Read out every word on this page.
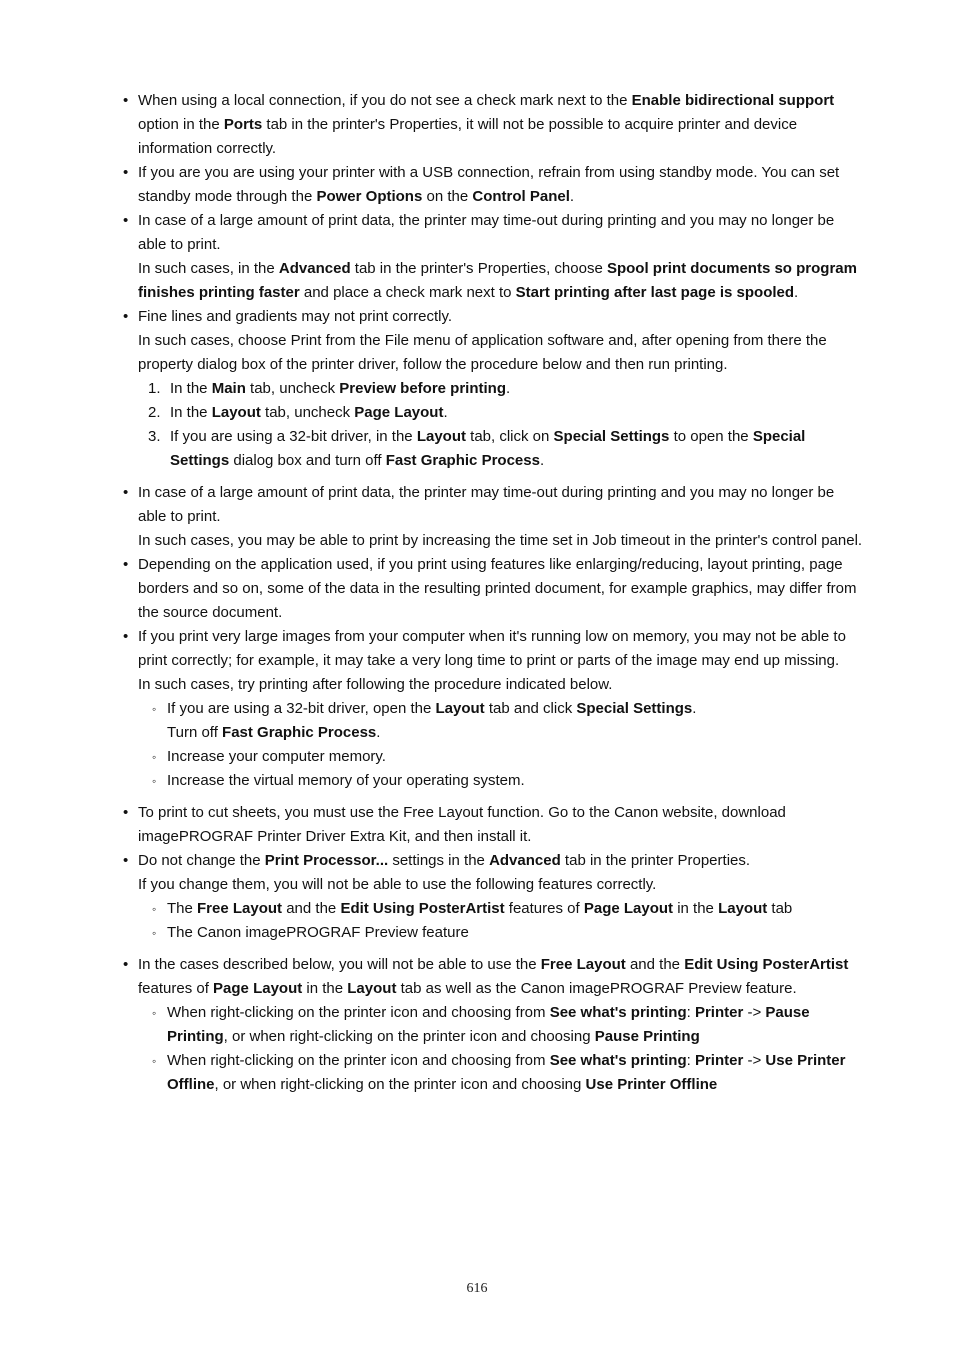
• When using a local connection, if you do not see a check mark next to the Enable bidirectional support option in the Ports tab in the printer's Properties, it will not be possible to acquire printer and device information correctly.
• If you are you are using your printer with a USB connection, refrain from using standby mode. You can set standby mode through the Power Options on the Control Panel.
• In case of a large amount of print data, the printer may time-out during printing and you may no longer be able to print.
In such cases, in the Advanced tab in the printer's Properties, choose Spool print documents so program finishes printing faster and place a check mark next to Start printing after last page is spooled.
• Fine lines and gradients may not print correctly.
In such cases, choose Print from the File menu of application software and, after opening from there the property dialog box of the printer driver, follow the procedure below and then run printing.
1. In the Main tab, uncheck Preview before printing.
2. In the Layout tab, uncheck Page Layout.
3. If you are using a 32-bit driver, in the Layout tab, click on Special Settings to open the Special Settings dialog box and turn off Fast Graphic Process.
• In case of a large amount of print data, the printer may time-out during printing and you may no longer be able to print.
In such cases, you may be able to print by increasing the time set in Job timeout in the printer's control panel.
• Depending on the application used, if you print using features like enlarging/reducing, layout printing, page borders and so on, some of the data in the resulting printed document, for example graphics, may differ from the source document.
• If you print very large images from your computer when it's running low on memory, you may not be able to print correctly; for example, it may take a very long time to print or parts of the image may end up missing.
In such cases, try printing after following the procedure indicated below.
◦ If you are using a 32-bit driver, open the Layout tab and click Special Settings.
Turn off Fast Graphic Process.
◦ Increase your computer memory.
◦ Increase the virtual memory of your operating system.
• To print to cut sheets, you must use the Free Layout function. Go to the Canon website, download imagePROGRAF Printer Driver Extra Kit, and then install it.
• Do not change the Print Processor... settings in the Advanced tab in the printer Properties.
If you change them, you will not be able to use the following features correctly.
◦ The Free Layout and the Edit Using PosterArtist features of Page Layout in the Layout tab
◦ The Canon imagePROGRAF Preview feature
• In the cases described below, you will not be able to use the Free Layout and the Edit Using PosterArtist features of Page Layout in the Layout tab as well as the Canon imagePROGRAF Preview feature.
◦ When right-clicking on the printer icon and choosing from See what's printing: Printer -> Pause Printing, or when right-clicking on the printer icon and choosing Pause Printing
◦ When right-clicking on the printer icon and choosing from See what's printing: Printer -> Use Printer Offline, or when right-clicking on the printer icon and choosing Use Printer Offline
616
